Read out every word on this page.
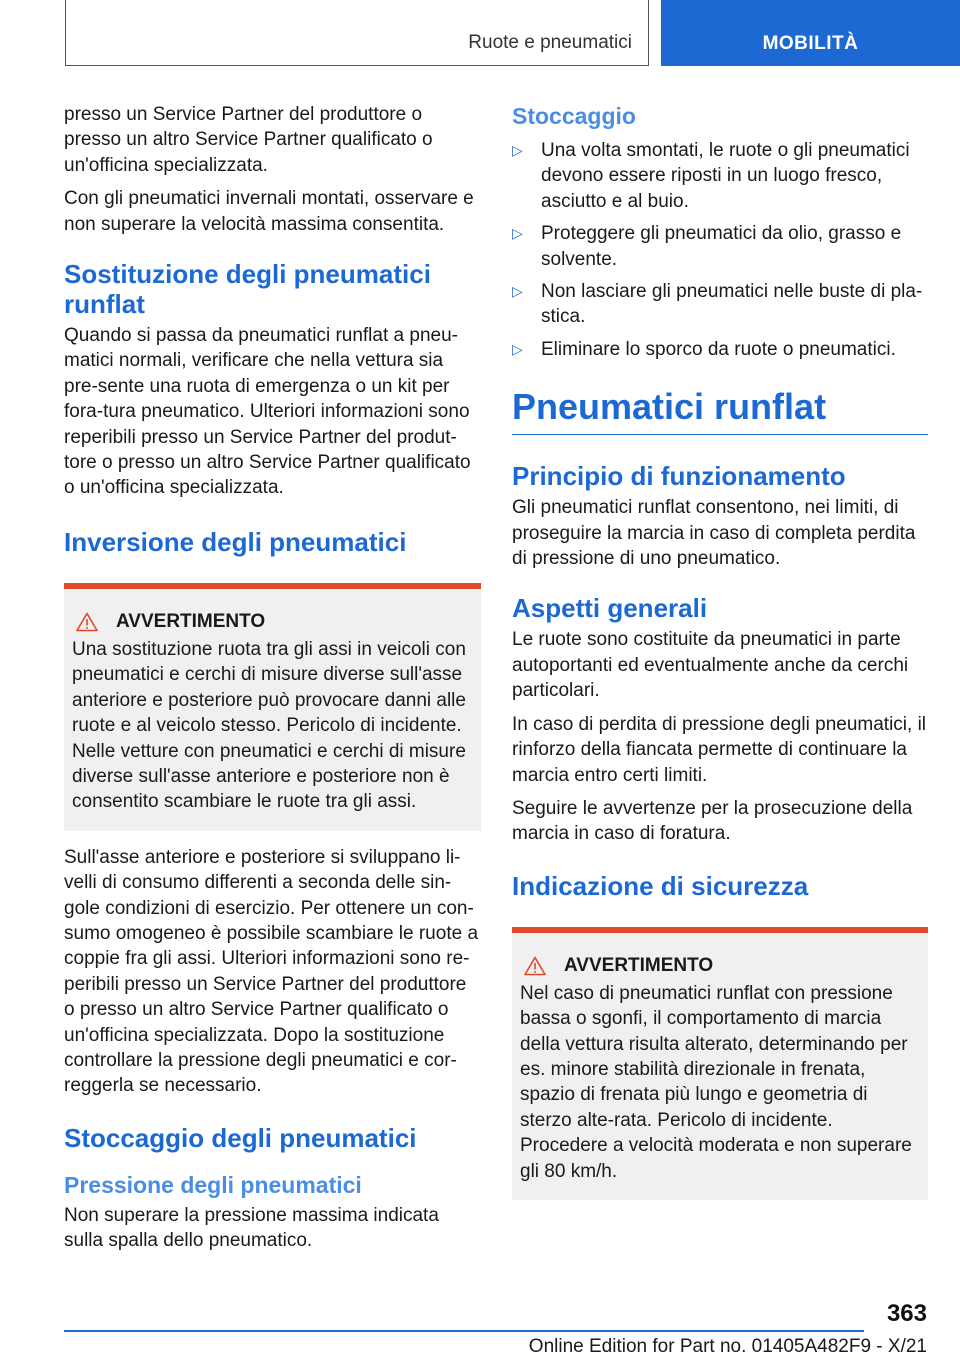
Ruote e pneumatici	MOBILITÀ

presso un Service Partner del produttore o presso un altro Service Partner qualificato o un'officina specializzata.

Con gli pneumatici invernali montati, osservare e non superare la velocità massima consentita.

Sostituzione degli pneumatici runflat

Quando si passa da pneumatici runflat a pneu-matici normali, verificare che nella vettura sia pre-sente una ruota di emergenza o un kit per fora-tura pneumatico. Ulteriori informazioni sono reperibili presso un Service Partner del produt-tore o presso un altro Service Partner qualificato o un'officina specializzata.

Inversione degli pneumatici
AVVERTIMENTO
Una sostituzione ruota tra gli assi in veicoli con pneumatici e cerchi di misure diverse sull'asse anteriore e posteriore può provocare danni alle ruote e al veicolo stesso. Pericolo di incidente. Nelle vetture con pneumatici e cerchi di misure diverse sull'asse anteriore e posteriore non è consentito scambiare le ruote tra gli assi.

Sull'asse anteriore e posteriore si sviluppano li-velli di consumo differenti a seconda delle sin-gole condizioni di esercizio. Per ottenere un con-sumo omogeneo è possibile scambiare le ruote a coppie fra gli assi. Ulteriori informazioni sono re-peribili presso un Service Partner del produttore o presso un altro Service Partner qualificato o un'officina specializzata. Dopo la sostituzione controllare la pressione degli pneumatici e cor-reggerla se necessario.

Stoccaggio degli pneumatici
Pressione degli pneumatici

Non superare la pressione massima indicata sulla spalla dello pneumatico.

Stoccaggio
▷ Una volta smontati, le ruote o gli pneumatici devono essere riposti in un luogo fresco, asciutto e al buio.
▷ Proteggere gli pneumatici da olio, grasso e solvente.
▷ Non lasciare gli pneumatici nelle buste di pla-stica.
▷ Eliminare lo sporco da ruote o pneumatici.
Pneumatici runflat
Principio di funzionamento

Gli pneumatici runflat consentono, nei limiti, di proseguire la marcia in caso di completa perdita di pressione di uno pneumatico.

Aspetti generali

Le ruote sono costituite da pneumatici in parte autoportanti ed eventualmente anche da cerchi particolari.

In caso di perdita di pressione degli pneumatici, il rinforzo della fiancata permette di continuare la marcia entro certi limiti.

Seguire le avvertenze per la prosecuzione della marcia in caso di foratura.

Indicazione di sicurezza
AVVERTIMENTO
Nel caso di pneumatici runflat con pressione bassa o sgonfi, il comportamento di marcia della vettura risulta alterato, determinando per es. minore stabilità direzionale in frenata, spazio di frenata più lungo e geometria di sterzo alte-rata. Pericolo di incidente. Procedere a velocità moderata e non superare gli 80 km/h.
363
Online Edition for Part no. 01405A482F9 - X/21
